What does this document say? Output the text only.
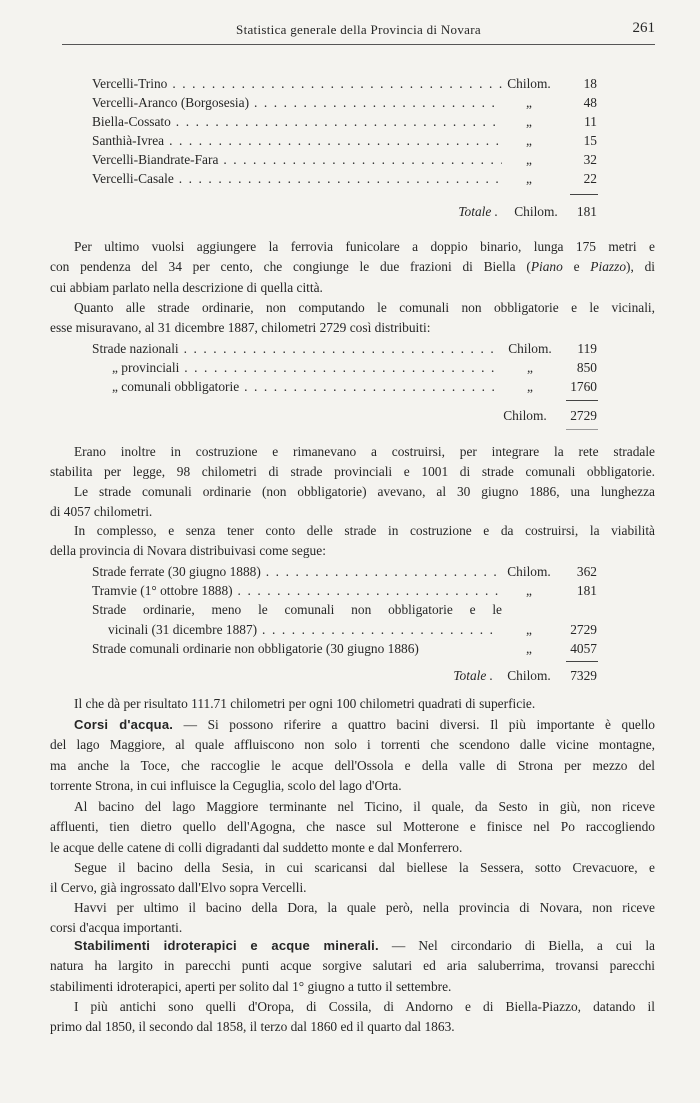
Statistica generale della Provincia di Novara	261
Vercelli-Trino . . .	Chilom.	18
Vercelli-Aranco (Borgosesia) . . .	„	48
Biella-Cossato . . .	„	11
Santhià-Ivrea . . .	„	15
Vercelli-Biandrate-Fara . . .	„	32
Vercelli-Casale . . .	„	22
Totale .	Chilom.	181
Per ultimo vuolsi aggiungere la ferrovia funicolare a doppio binario, lunga 175 metri e
con pendenza del 34 per cento, che congiunge le due frazioni di Biella (Piano e Piazzo), di
cui abbiam parlato nella descrizione di quella città.
Quanto alle strade ordinarie, non computando le comunali non obbligatorie e le vicinali,
esse misuravano, al 31 dicembre 1887, chilometri 2729 così distribuiti:
Strade nazionali . . .	Chilom.	119
„ provinciali . . .	„	850
„ comunali obbligatorie . . .	„	1760
Chilom.	2729
Erano inoltre in costruzione e rimanevano a costruirsi, per integrare la rete stradale
stabilita per legge, 98 chilometri di strade provinciali e 1001 di strade comunali obbligatorie.
Le strade comunali ordinarie (non obbligatorie) avevano, al 30 giugno 1886, una lunghezza
di 4057 chilometri.
In complesso, e senza tener conto delle strade in costruzione e da costruirsi, la viabilità
della provincia di Novara distribuivasi come segue:
Strade ferrate (30 giugno 1888) . . .	Chilom.	362
Tramvie (1° ottobre 1888) . . .	„	181
Strade ordinarie, meno le comunali non obbligatorie e le
vicinali (31 dicembre 1887) . . .	„	2729
Strade comunali ordinarie non obbligatorie (30 giugno 1886)	„	4057
Totale .	Chilom.	7329
Il che dà per risultato 111.71 chilometri per ogni 100 chilometri quadrati di superficie.
Corsi d'acqua. — Si possono riferire a quattro bacini diversi. Il più importante è quello
del lago Maggiore, al quale affluiscono non solo i torrenti che scendono dalle vicine montagne,
ma anche la Toce, che raccoglie le acque dell'Ossola e della valle di Strona per mezzo del
torrente Strona, in cui influisce la Ceguglia, scolo del lago d'Orta.
Al bacino del lago Maggiore terminante nel Ticino, il quale, da Sesto in giù, non riceve
affluenti, tien dietro quello dell'Agogna, che nasce sul Motterone e finisce nel Po raccogliendo
le acque delle catene di colli digradanti dal suddetto monte e dal Monferrero.
Segue il bacino della Sesia, in cui scaricansi dal biellese la Sessera, sotto Crevacuore, e
il Cervo, già ingrossato dall'Elvo sopra Vercelli.
Havvi per ultimo il bacino della Dora, la quale però, nella provincia di Novara, non riceve
corsi d'acqua importanti.
Stabilimenti idroterapici e acque minerali. — Nel circondario di Biella, a cui la
natura ha largito in parecchi punti acque sorgive salutari ed aria saluberrima, trovansi parecchi
stabilimenti idroterapici, aperti per solito dal 1° giugno a tutto il settembre.
I più antichi sono quelli d'Oropa, di Cossila, di Andorno e di Biella-Piazzo, datando il
primo dal 1850, il secondo dal 1858, il terzo dal 1860 ed il quarto dal 1863.
